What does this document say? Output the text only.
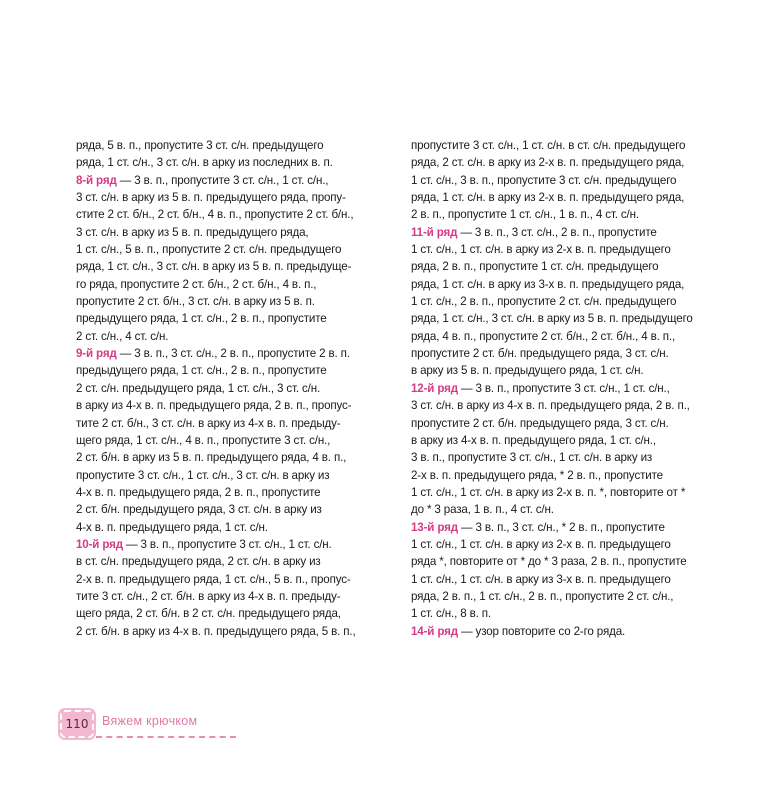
ряда, 5 в. п., пропустите 3 ст. с/н. предыдущего
ряда, 1 ст. с/н., 3 ст. с/н. в арку из последних в. п.
8-й ряд — 3 в. п., пропустите 3 ст. с/н., 1 ст. с/н.,
3 ст. с/н. в арку из 5 в. п. предыдущего ряда, пропу-
стите 2 ст. б/н., 2 ст. б/н., 4 в. п., пропустите 2 ст. б/н.,
3 ст. с/н. в арку из 5 в. п. предыдущего ряда,
1 ст. с/н., 5 в. п., пропустите 2 ст. с/н. предыдущего
ряда, 1 ст. с/н., 3 ст. с/н. в арку из 5 в. п. предыдуще-
го ряда, пропустите 2 ст. б/н., 2 ст. б/н., 4 в. п.,
пропустите 2 ст. б/н., 3 ст. с/н. в арку из 5 в. п.
предыдущего ряда, 1 ст. с/н., 2 в. п., пропустите
2 ст. с/н., 4 ст. с/н.
9-й ряд — 3 в. п., 3 ст. с/н., 2 в. п., пропустите 2 в. п.
предыдущего ряда, 1 ст. с/н., 2 в. п., пропустите
2 ст. с/н. предыдущего ряда, 1 ст. с/н., 3 ст. с/н.
в арку из 4-х в. п. предыдущего ряда, 2 в. п., пропус-
тите 2 ст. б/н., 3 ст. с/н. в арку из 4-х в. п. предыду-
щего ряда, 1 ст. с/н., 4 в. п., пропустите 3 ст. с/н.,
2 ст. б/н. в арку из 5 в. п. предыдущего ряда, 4 в. п.,
пропустите 3 ст. с/н., 1 ст. с/н., 3 ст. с/н. в арку из
4-х в. п. предыдущего ряда, 2 в. п., пропустите
2 ст. б/н. предыдущего ряда, 3 ст. с/н. в арку из
4-х в. п. предыдущего ряда, 1 ст. с/н.
10-й ряд — 3 в. п., пропустите 3 ст. с/н., 1 ст. с/н.
в ст. с/н. предыдущего ряда, 2 ст. с/н. в арку из
2-х в. п. предыдущего ряда, 1 ст. с/н., 5 в. п., пропус-
тите 3 ст. с/н., 2 ст. б/н. в арку из 4-х в. п. предыду-
щего ряда, 2 ст. б/н. в 2 ст. с/н. предыдущего ряда,
2 ст. б/н. в арку из 4-х в. п. предыдущего ряда, 5 в. п.,
пропустите 3 ст. с/н., 1 ст. с/н. в ст. с/н. предыдущего
ряда, 2 ст. с/н. в арку из 2-х в. п. предыдущего ряда,
1 ст. с/н., 3 в. п., пропустите 3 ст. с/н. предыдущего
ряда, 1 ст. с/н. в арку из 2-х в. п. предыдущего ряда,
2 в. п., пропустите 1 ст. с/н., 1 в. п., 4 ст. с/н.
11-й ряд — 3 в. п., 3 ст. с/н., 2 в. п., пропустите
1 ст. с/н., 1 ст. с/н. в арку из 2-х в. п. предыдущего
ряда, 2 в. п., пропустите 1 ст. с/н. предыдущего
ряда, 1 ст. с/н. в арку из 3-х в. п. предыдущего ряда,
1 ст. с/н., 2 в. п., пропустите 2 ст. с/н. предыдущего
ряда, 1 ст. с/н., 3 ст. с/н. в арку из 5 в. п. предыдущего
ряда, 4 в. п., пропустите 2 ст. б/н., 2 ст. б/н., 4 в. п.,
пропустите 2 ст. б/н. предыдущего ряда, 3 ст. с/н.
в арку из 5 в. п. предыдущего ряда, 1 ст. с/н.
12-й ряд — 3 в. п., пропустите 3 ст. с/н., 1 ст. с/н.,
3 ст. с/н. в арку из 4-х в. п. предыдущего ряда, 2 в. п.,
пропустите 2 ст. б/н. предыдущего ряда, 3 ст. с/н.
в арку из 4-х в. п. предыдущего ряда, 1 ст. с/н.,
3 в. п., пропустите 3 ст. с/н., 1 ст. с/н. в арку из
2-х в. п. предыдущего ряда, * 2 в. п., пропустите
1 ст. с/н., 1 ст. с/н. в арку из 2-х в. п. *, повторите от *
до * 3 раза, 1 в. п., 4 ст. с/н.
13-й ряд — 3 в. п., 3 ст. с/н., * 2 в. п., пропустите
1 ст. с/н., 1 ст. с/н. в арку из 2-х в. п. предыдущего
ряда *, повторите от * до * 3 раза, 2 в. п., пропустите
1 ст. с/н., 1 ст. с/н. в арку из 3-х в. п. предыдущего
ряда, 2 в. п., 1 ст. с/н., 2 в. п., пропустите 2 ст. с/н.,
1 ст. с/н., 8 в. п.
14-й ряд — узор повторите со 2-го ряда.
110 Вяжем крючком
